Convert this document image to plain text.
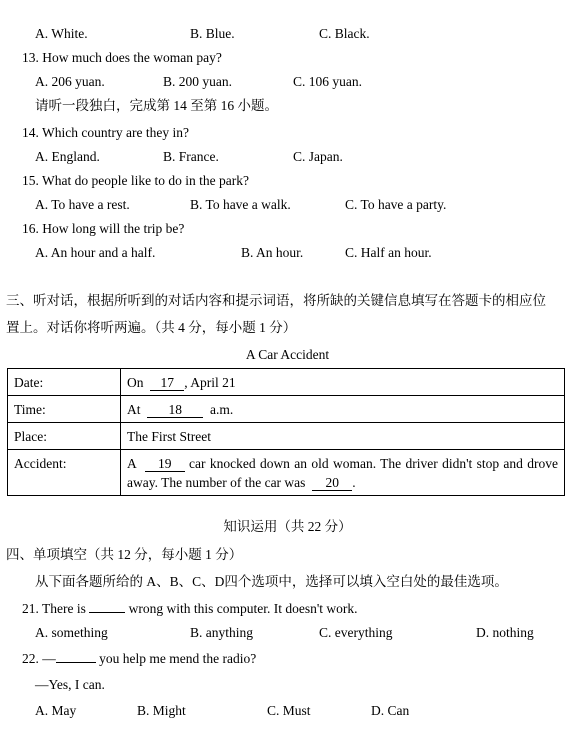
A. White.	B. Blue.	C. Black.
13. How much does the woman pay?
A. 206 yuan.	B. 200 yuan.	C. 106 yuan.
请听一段独白，完成第 14 至第 16 小题。
14. Which country are they in?
A. England.	B. France.	C. Japan.
15. What do people like to do in the park?
A. To have a rest.	B. To have a walk.	C. To have a party.
16. How long will the trip be?
A. An hour and a half.	B. An hour.	C. Half an hour.
三、听对话，根据所听到的对话内容和提示词语，将所缺的关键信息填写在答题卡的相应位
置上。对话你将听两遍。（共 4 分，每小题 1 分）
A Car Accident
Date:	On  17 , April 21
Time:	At  18  a.m.
Place:	The First Street
Accident:	A  19 car knocked down an old woman. The driver didn't stop and drove away. The number of the car was  20 .
知识运用（共 22 分）
四、单项填空（共 12 分，每小题 1 分）
从下面各题所给的 A、B、C、D四个选项中，选择可以填入空白处的最佳选项。
21. There is	wrong with this computer. It doesn't work.
A. something	B. anything	C. everything	D. nothing
22. —	you help me mend the radio?
—Yes, I can.
A. May	B. Might	C. Must	D. Can
